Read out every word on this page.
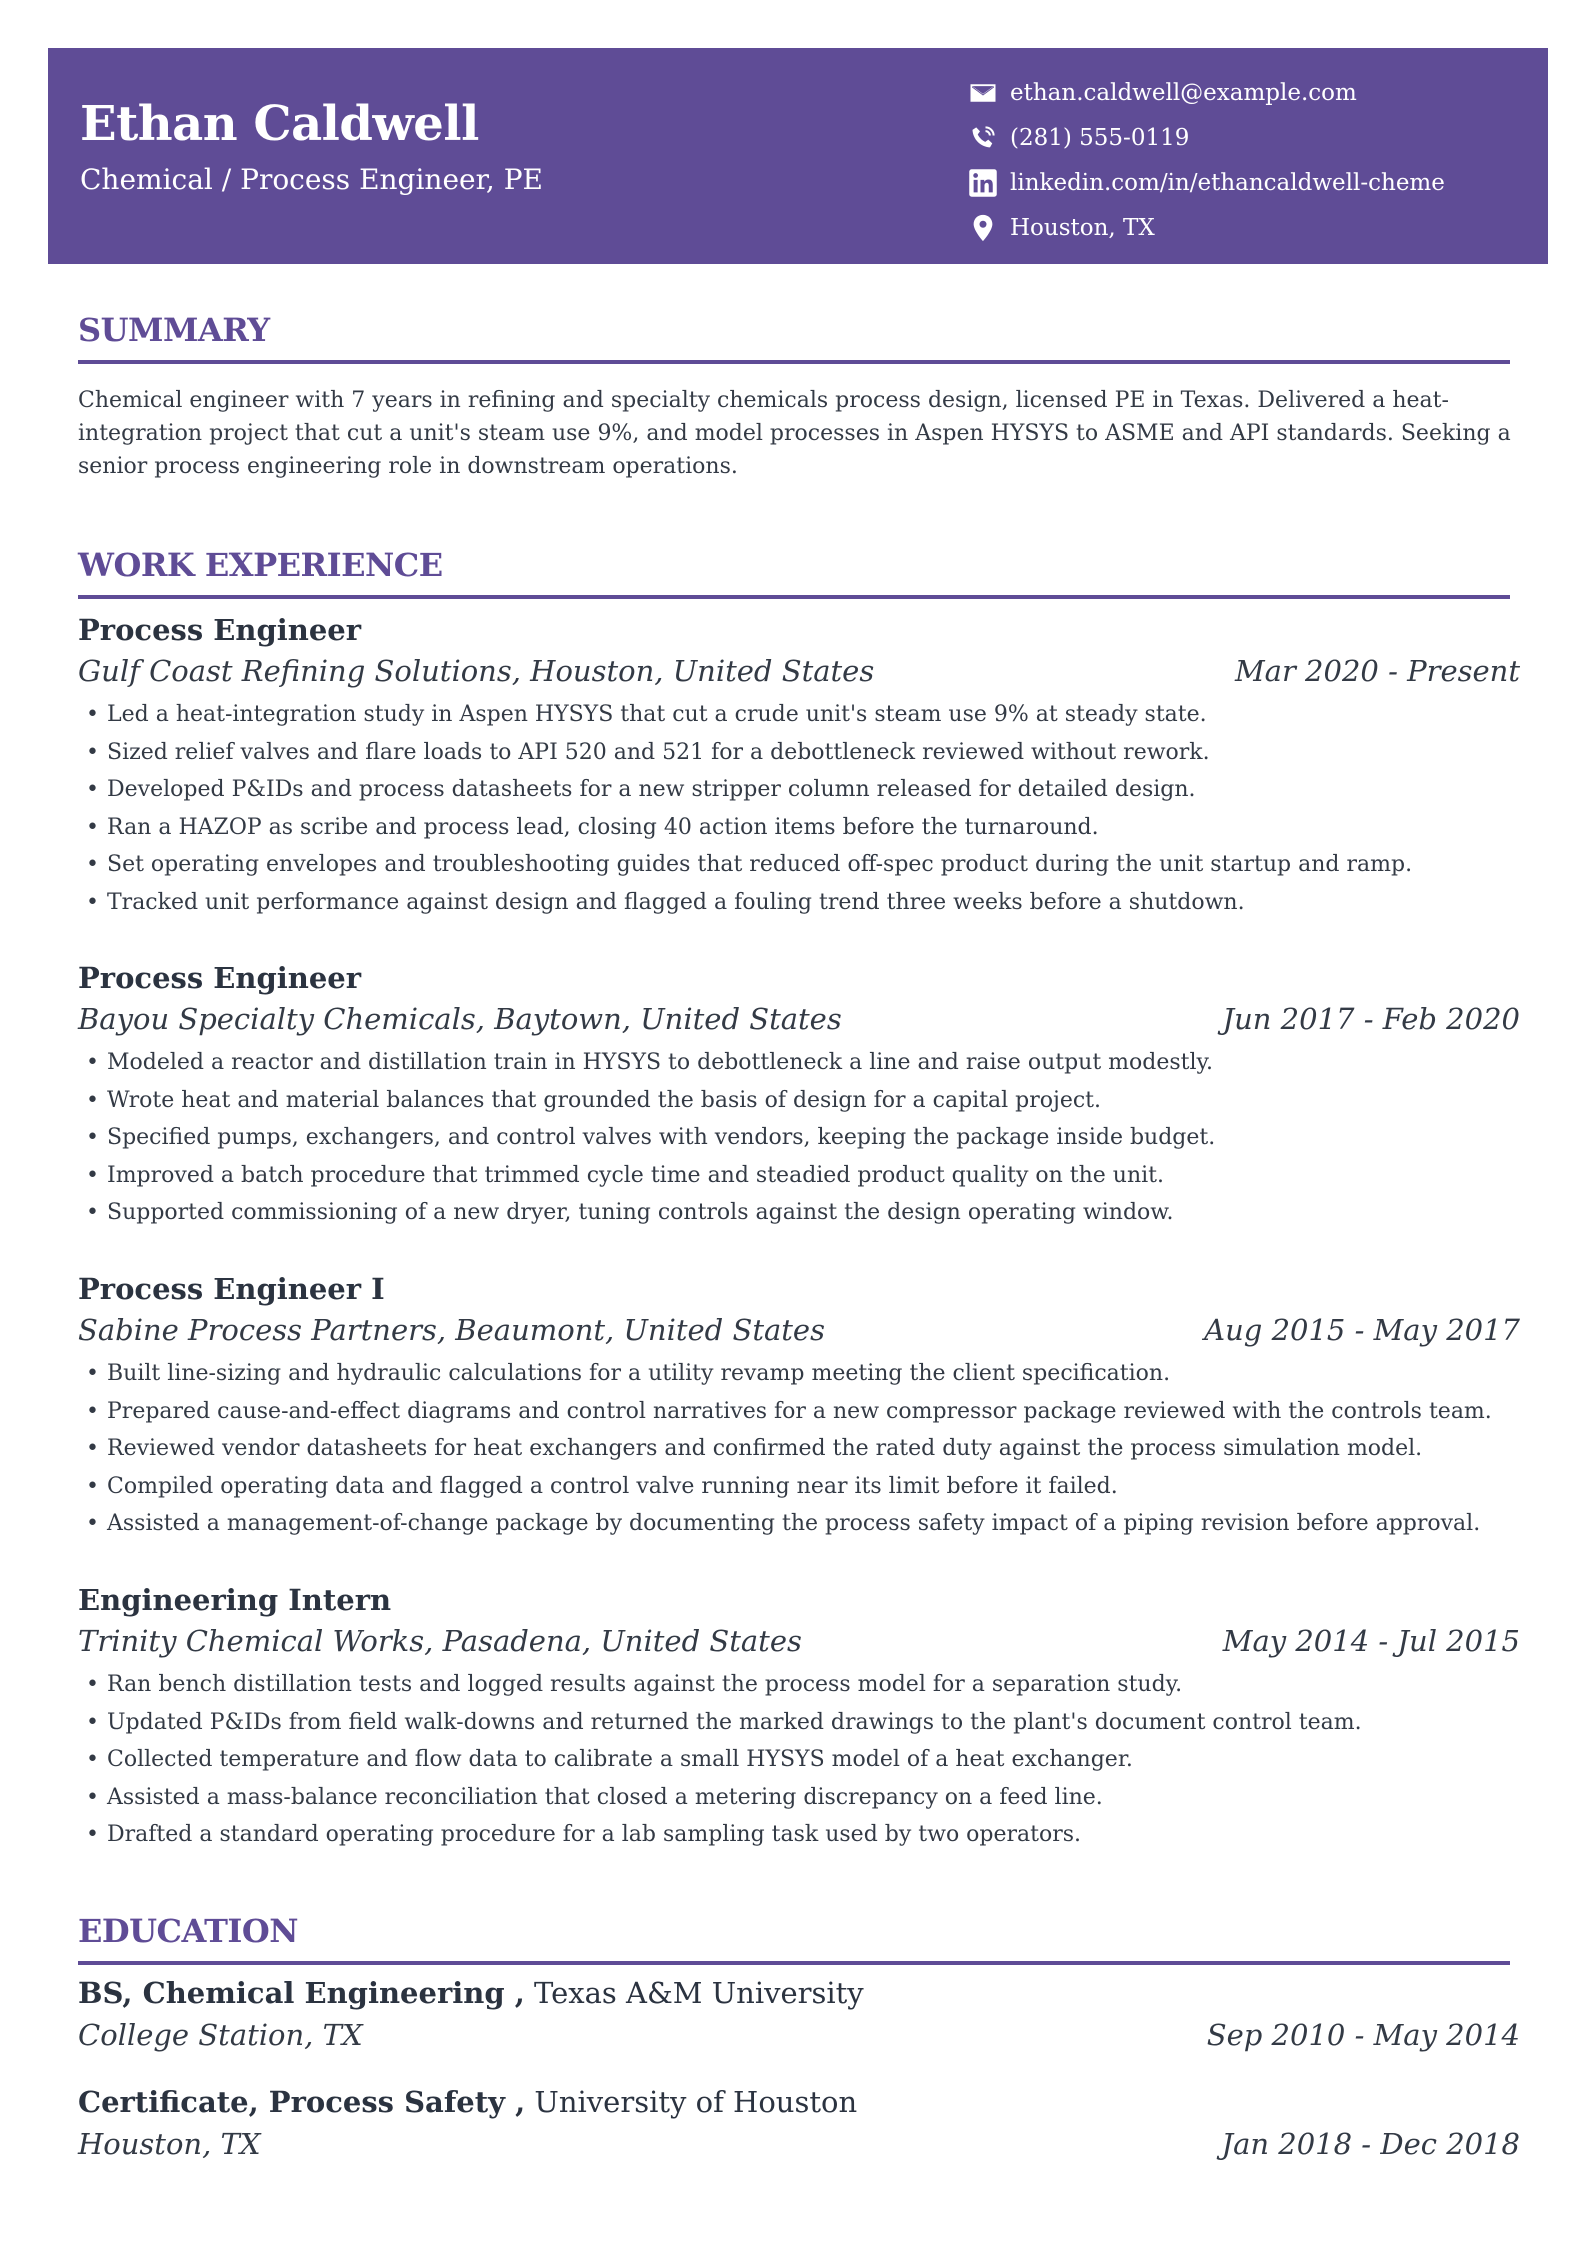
Ethan Caldwell
Chemical / Process Engineer, PE
ethan.caldwell@example.com
(281) 555-0119
linkedin.com/in/ethancaldwell-cheme
Houston, TX
SUMMARY
Chemical engineer with 7 years in refining and specialty chemicals process design, licensed PE in Texas. Delivered a heat-integration project that cut a unit's steam use 9%, and model processes in Aspen HYSYS to ASME and API standards. Seeking a senior process engineering role in downstream operations.
WORK EXPERIENCE
Process Engineer
Gulf Coast Refining Solutions, Houston, United States	Mar 2020 - Present
• Led a heat-integration study in Aspen HYSYS that cut a crude unit's steam use 9% at steady state.
• Sized relief valves and flare loads to API 520 and 521 for a debottleneck reviewed without rework.
• Developed P&IDs and process datasheets for a new stripper column released for detailed design.
• Ran a HAZOP as scribe and process lead, closing 40 action items before the turnaround.
• Set operating envelopes and troubleshooting guides that reduced off-spec product during the unit startup and ramp.
• Tracked unit performance against design and flagged a fouling trend three weeks before a shutdown.
Process Engineer
Bayou Specialty Chemicals, Baytown, United States	Jun 2017 - Feb 2020
• Modeled a reactor and distillation train in HYSYS to debottleneck a line and raise output modestly.
• Wrote heat and material balances that grounded the basis of design for a capital project.
• Specified pumps, exchangers, and control valves with vendors, keeping the package inside budget.
• Improved a batch procedure that trimmed cycle time and steadied product quality on the unit.
• Supported commissioning of a new dryer, tuning controls against the design operating window.
Process Engineer I
Sabine Process Partners, Beaumont, United States	Aug 2015 - May 2017
• Built line-sizing and hydraulic calculations for a utility revamp meeting the client specification.
• Prepared cause-and-effect diagrams and control narratives for a new compressor package reviewed with the controls team.
• Reviewed vendor datasheets for heat exchangers and confirmed the rated duty against the process simulation model.
• Compiled operating data and flagged a control valve running near its limit before it failed.
• Assisted a management-of-change package by documenting the process safety impact of a piping revision before approval.
Engineering Intern
Trinity Chemical Works, Pasadena, United States	May 2014 - Jul 2015
• Ran bench distillation tests and logged results against the process model for a separation study.
• Updated P&IDs from field walk-downs and returned the marked drawings to the plant's document control team.
• Collected temperature and flow data to calibrate a small HYSYS model of a heat exchanger.
• Assisted a mass-balance reconciliation that closed a metering discrepancy on a feed line.
• Drafted a standard operating procedure for a lab sampling task used by two operators.
EDUCATION
BS, Chemical Engineering , Texas A&M University
College Station, TX	Sep 2010 - May 2014
Certificate, Process Safety , University of Houston
Houston, TX	Jan 2018 - Dec 2018
